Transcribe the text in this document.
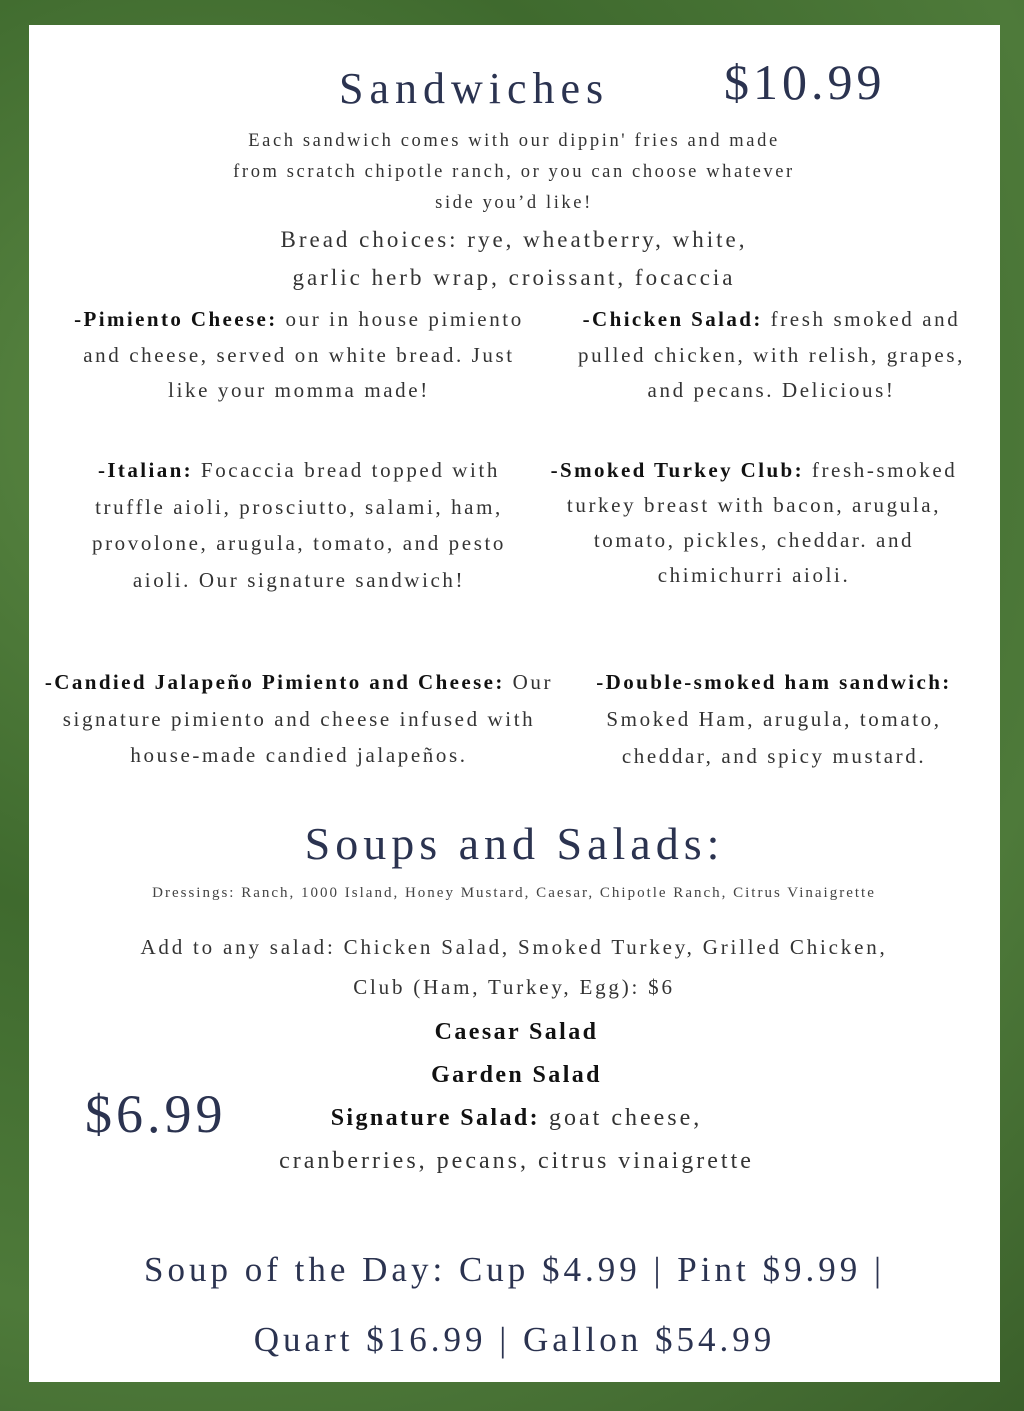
Sandwiches $10.99
Each sandwich comes with our dippin' fries and made
from scratch chipotle ranch, or you can choose whatever
side you’d like!
Bread choices: rye, wheatberry, white,
garlic herb wrap, croissant, focaccia
-Pimiento Cheese: our in house pimiento and cheese, served on white bread. Just like your momma made!
-Chicken Salad: fresh smoked and pulled chicken, with relish, grapes, and pecans. Delicious!
-Italian: Focaccia bread topped with truffle aioli, prosciutto, salami, ham, provolone, arugula, tomato, and pesto aioli. Our signature sandwich!
-Smoked Turkey Club: fresh-smoked turkey breast with bacon, arugula, tomato, pickles, cheddar. and chimichurri aioli.
-Candied Jalapeño Pimiento and Cheese: Our signature pimiento and cheese infused with house-made candied jalapeños.
-Double-smoked ham sandwich: Smoked Ham, arugula, tomato, cheddar, and spicy mustard.
Soups and Salads:
Dressings: Ranch, 1000 Island, Honey Mustard, Caesar, Chipotle Ranch, Citrus Vinaigrette
Add to any salad: Chicken Salad, Smoked Turkey, Grilled Chicken,
Club (Ham, Turkey, Egg): $6
$6.99
Caesar Salad
Garden Salad
Signature Salad: goat cheese, cranberries, pecans, citrus vinaigrette
Soup of the Day: Cup $4.99 | Pint $9.99 |
Quart $16.99 | Gallon $54.99
